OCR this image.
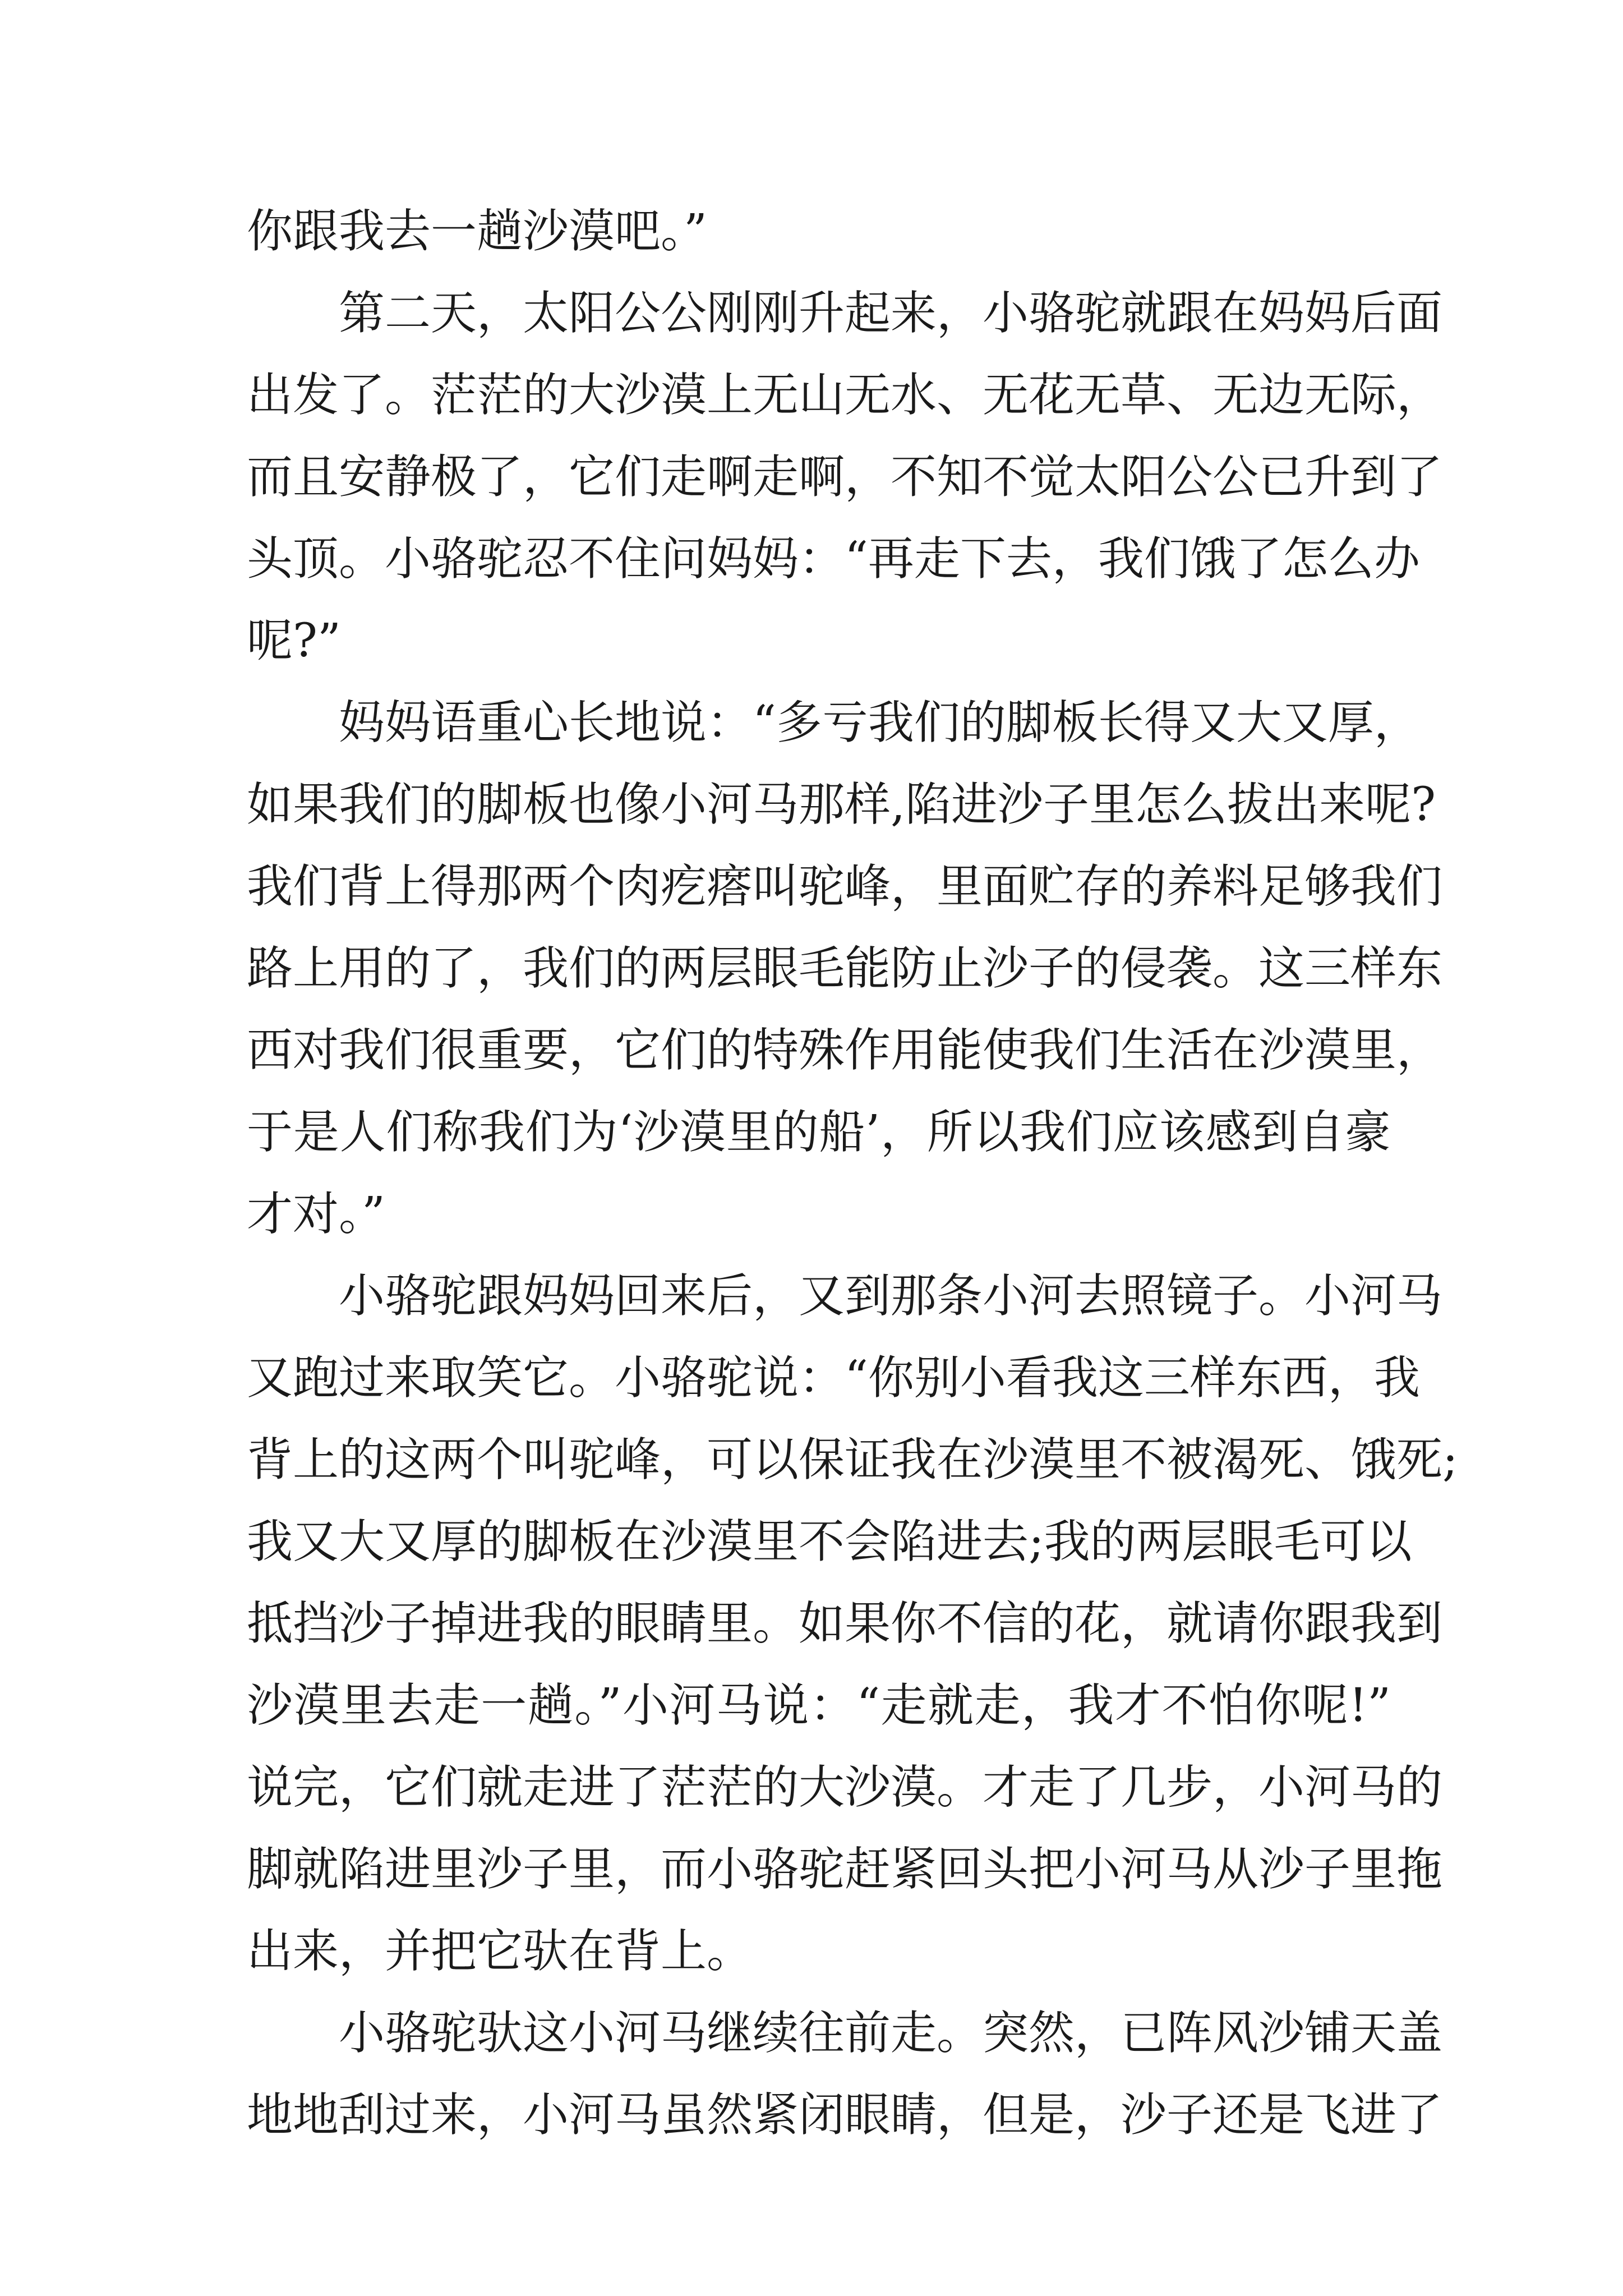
你跟我去一趟沙漠吧。”
第二天，太阳公公刚刚升起来，小骆驼就跟在妈妈后面
出发了。茫茫的大沙漠上无山无水、无花无草、无边无际，
而且安静极了，它们走啊走啊，不知不觉太阳公公已升到了
头顶。小骆驼忍不住问妈妈：“再走下去，我们饿了怎么办
呢?”
妈妈语重心长地说：“多亏我们的脚板长得又大又厚，
如果我们的脚板也像小河马那样,陷进沙子里怎么拔出来呢?
我们背上得那两个肉疙瘩叫驼峰，里面贮存的养料足够我们
路上用的了，我们的两层眼毛能防止沙子的侵袭。这三样东
西对我们很重要，它们的特殊作用能使我们生活在沙漠里，
于是人们称我们为‘沙漠里的船’，所以我们应该感到自豪
才对。”
小骆驼跟妈妈回来后，又到那条小河去照镜子。小河马
又跑过来取笑它。小骆驼说：“你别小看我这三样东西，我
背上的这两个叫驼峰，可以保证我在沙漠里不被渴死、饿死;
我又大又厚的脚板在沙漠里不会陷进去;我的两层眼毛可以
抵挡沙子掉进我的眼睛里。如果你不信的花，就请你跟我到
沙漠里去走一趟。”小河马说：“走就走，我才不怕你呢!”
说完，它们就走进了茫茫的大沙漠。才走了几步，小河马的
脚就陷进里沙子里，而小骆驼赶紧回头把小河马从沙子里拖
出来，并把它驮在背上。
小骆驼驮这小河马继续往前走。突然，已阵风沙铺天盖
地地刮过来，小河马虽然紧闭眼睛，但是，沙子还是飞进了
